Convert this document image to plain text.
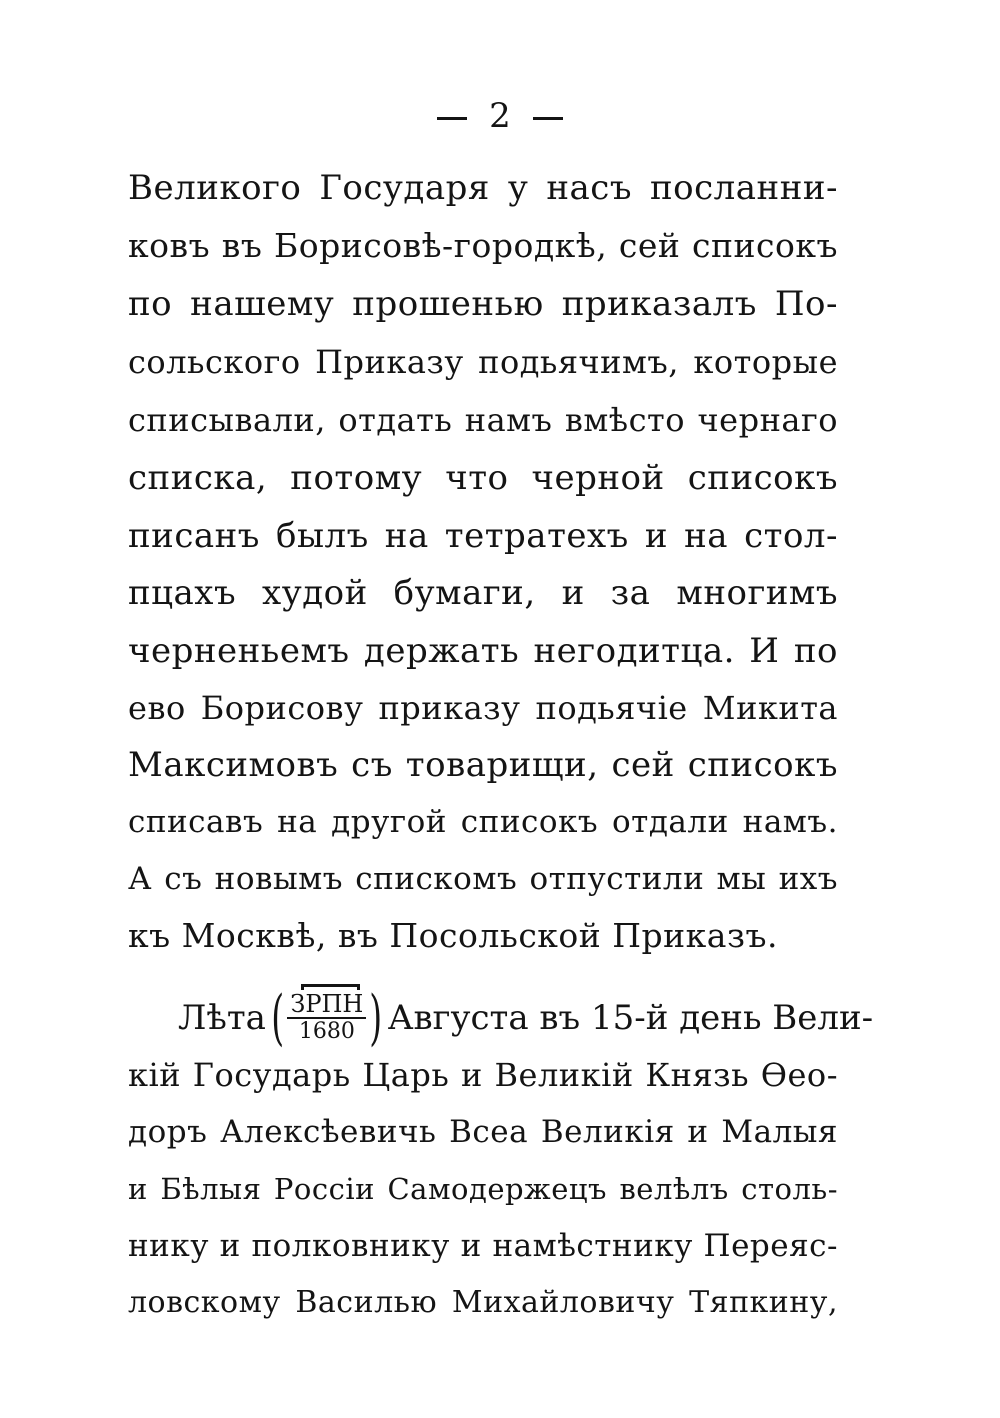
2
Великого Государя у насъ посланни-
ковъ въ Борисовѣ-городкѣ, сей списокъ
по нашему прошенью приказалъ По-
сольского Приказу подьячимъ, которые
списывали, отдать намъ вмѣсто чернаго
списка, потому что черной списокъ
писанъ былъ на тетратехъ и на стол-
пцахъ худой бумаги, и за многимъ
черненьемъ держать негодитца. И по
ево Борисову приказу подьячіе Микита
Максимовъ съ товарищи, сей списокъ
списавъ на другой списокъ отдали намъ.
А съ новымъ спискомъ отпустили мы ихъ
къ Москвѣ, въ Посольской Приказъ.
Лѣта ( $\frac{\text{ЗРПН}}{1680}$ ) Августа въ 15-й день Вели-
кій Государь Царь и Великій Князь Ѳео-
доръ Алексѣевичь Всеа Великія и Малыя
и Бѣлыя Россіи Самодержецъ велѣлъ столь-
нику и полковнику и намѣстнику Переяс-
ловскому Василью Михайловичу Тяпкину,
